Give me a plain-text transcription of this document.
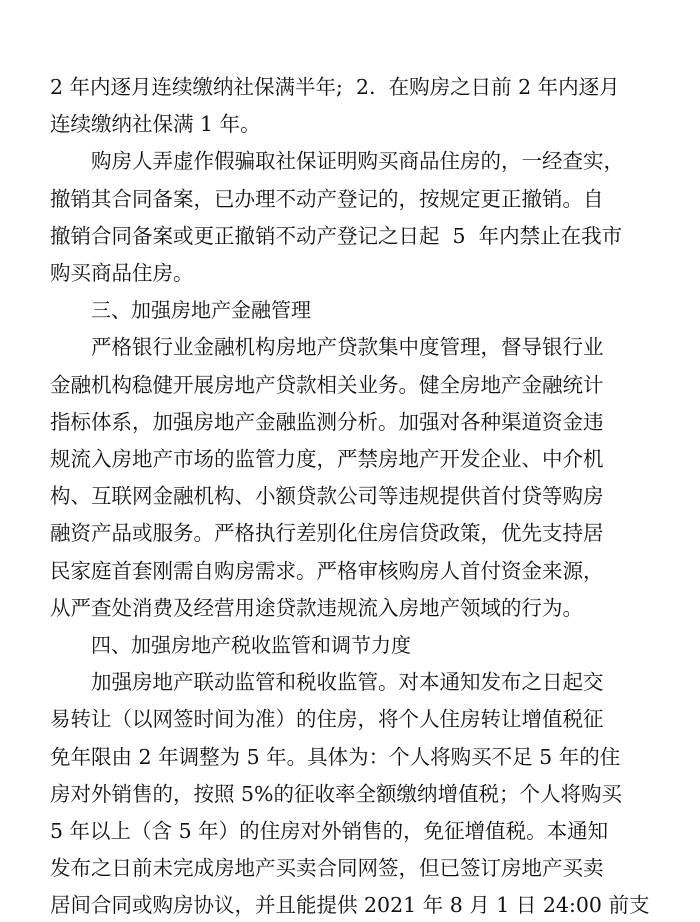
2 年内逐月连续缴纳社保满半年;  2.  在购房之日前 2 年内逐月
连续缴纳社保满 1 年。
购房人弄虚作假骗取社保证明购买商品住房的，一经查实，
撤销其合同备案，已办理不动产登记的，按规定更正撤销。自
撤销合同备案或更正撤销不动产登记之日起  5  年内禁止在我市
购买商品住房。
三、加强房地产金融管理
严格银行业金融机构房地产贷款集中度管理，督导银行业
金融机构稳健开展房地产贷款相关业务。健全房地产金融统计
指标体系，加强房地产金融监测分析。加强对各种渠道资金违
规流入房地产市场的监管力度，严禁房地产开发企业、中介机
构、互联网金融机构、小额贷款公司等违规提供首付贷等购房
融资产品或服务。严格执行差别化住房信贷政策，优先支持居
民家庭首套刚需自购房需求。严格审核购房人首付资金来源，
从严查处消费及经营用途贷款违规流入房地产领域的行为。
四、加强房地产税收监管和调节力度
加强房地产联动监管和税收监管。对本通知发布之日起交
易转让（以网签时间为准）的住房，将个人住房转让增值税征
免年限由 2 年调整为 5 年。具体为：个人将购买不足 5 年的住
房对外销售的，按照 5%的征收率全额缴纳增值税；个人将购买
5 年以上（含 5 年）的住房对外销售的，免征增值税。本通知
发布之日前未完成房地产买卖合同网签，但已签订房地产买卖
居间合同或购房协议，并且能提供 2021 年 8 月 1 日 24:00 前支
